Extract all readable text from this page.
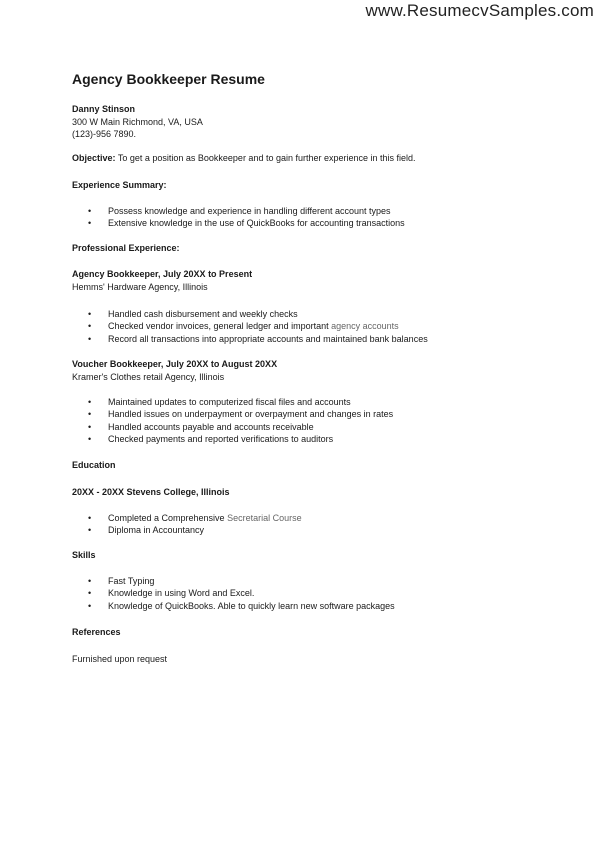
www.ResumecvSamples.com
Agency Bookkeeper Resume
Danny Stinson
300 W Main Richmond, VA, USA
(123)-956 7890.
Objective: To get a position as Bookkeeper and to gain further experience in this field.
Experience Summary:
• Possess knowledge and experience in handling different account types
• Extensive knowledge in the use of QuickBooks for accounting transactions
Professional Experience:
Agency Bookkeeper, July 20XX to Present
Hemms' Hardware Agency, Illinois
• Handled cash disbursement and weekly checks
• Checked vendor invoices, general ledger and important agency accounts
• Record all transactions into appropriate accounts and maintained bank balances
Voucher Bookkeeper, July 20XX to August 20XX
Kramer's Clothes retail Agency, Illinois
• Maintained updates to computerized fiscal files and accounts
• Handled issues on underpayment or overpayment and changes in rates
• Handled accounts payable and accounts receivable
• Checked payments and reported verifications to auditors
Education
20XX - 20XX Stevens College, Illinois
• Completed a Comprehensive Secretarial Course
• Diploma in Accountancy
Skills
• Fast Typing
• Knowledge in using Word and Excel.
• Knowledge of QuickBooks. Able to quickly learn new software packages
References
Furnished upon request
